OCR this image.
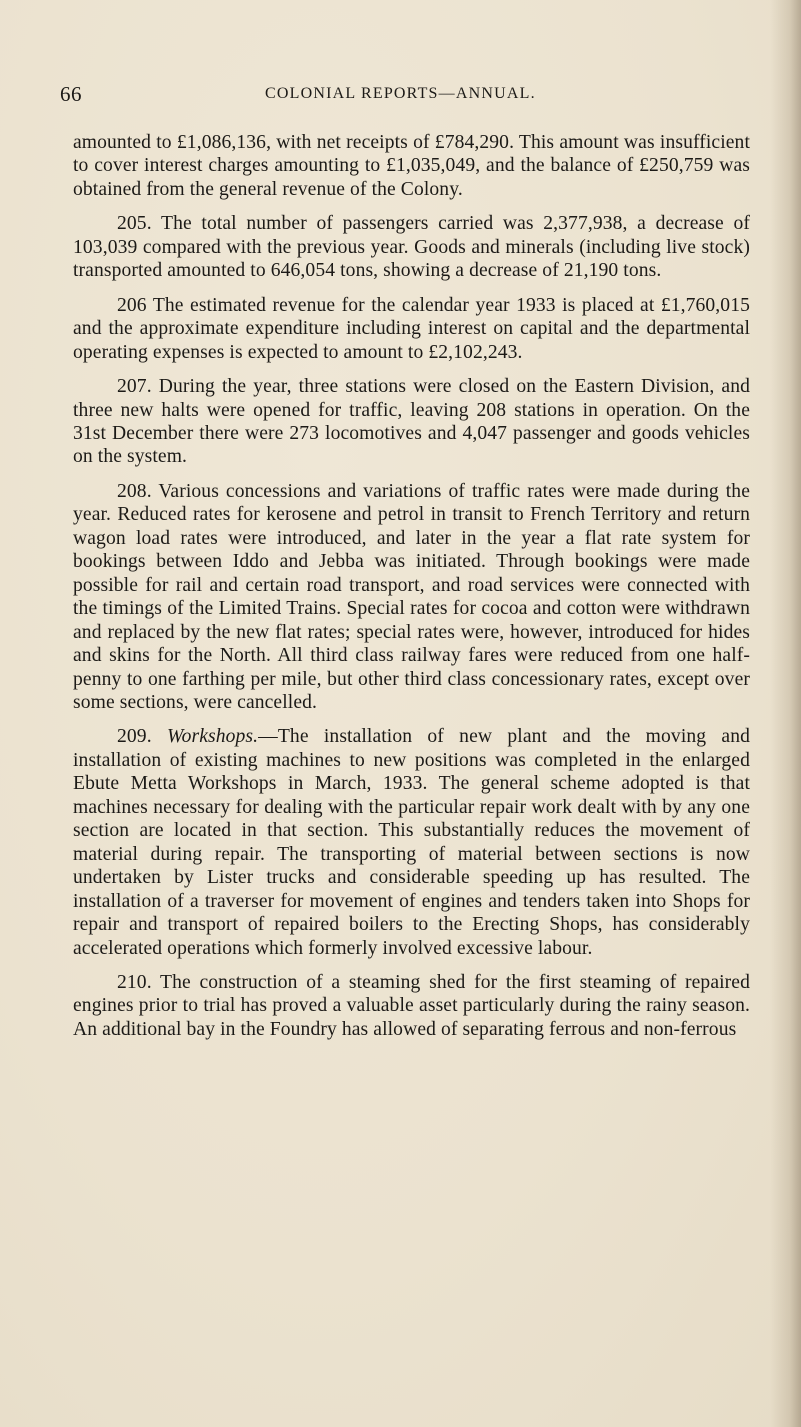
66	COLONIAL REPORTS—ANNUAL.

amounted to £1,086,136, with net receipts of £784,290. This amount was insufficient to cover interest charges amounting to £1,035,049, and the balance of £250,759 was obtained from the general revenue of the Colony.

205. The total number of passengers carried was 2,377,938, a decrease of 103,039 compared with the previous year. Goods and minerals (including live stock) transported amounted to 646,054 tons, showing a decrease of 21,190 tons.

206 The estimated revenue for the calendar year 1933 is placed at £1,760,015 and the approximate expenditure including interest on capital and the departmental operating expenses is expected to amount to £2,102,243.

207. During the year, three stations were closed on the Eastern Division, and three new halts were opened for traffic, leaving 208 stations in operation. On the 31st December there were 273 locomotives and 4,047 passenger and goods vehicles on the system.

208. Various concessions and variations of traffic rates were made during the year. Reduced rates for kerosene and petrol in transit to French Territory and return wagon load rates were introduced, and later in the year a flat rate system for bookings between Iddo and Jebba was initiated. Through bookings were made possible for rail and certain road transport, and road services were connected with the timings of the Limited Trains. Special rates for cocoa and cotton were withdrawn and replaced by the new flat rates; special rates were, however, introduced for hides and skins for the North. All third class railway fares were reduced from one half-penny to one farthing per mile, but other third class concessionary rates, except over some sections, were cancelled.

209. Workshops.—The installation of new plant and the moving and installation of existing machines to new positions was completed in the enlarged Ebute Metta Workshops in March, 1933. The general scheme adopted is that machines necessary for dealing with the particular repair work dealt with by any one section are located in that section. This substantially reduces the movement of material during repair. The transporting of material between sections is now undertaken by Lister trucks and considerable speeding up has resulted. The installation of a traverser for movement of engines and tenders taken into Shops for repair and transport of repaired boilers to the Erecting Shops, has considerably accelerated operations which formerly involved excessive labour.

210. The construction of a steaming shed for the first steaming of repaired engines prior to trial has proved a valuable asset particularly during the rainy season. An additional bay in the Foundry has allowed of separating ferrous and non-ferrous
